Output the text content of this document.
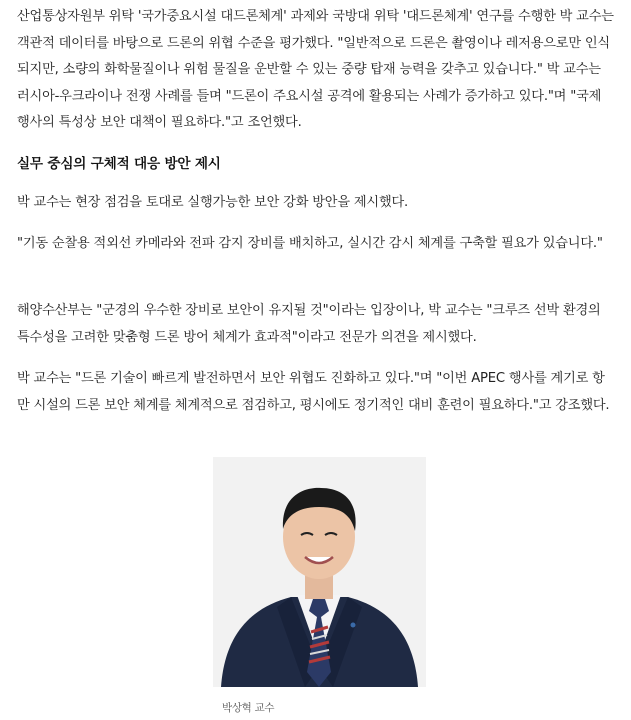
산업통상자원부 위탁 '국가중요시설 대드론체계' 과제와 국방대 위탁 '대드론체계' 연구를 수행한 박 교수는 객관적 데이터를 바탕으로 드론의 위협 수준을 평가했다. "일반적으로 드론은 촬영이나 레저용으로만 인식되지만, 소량의 화학물질이나 위험 물질을 운반할 수 있는 중량 탑재 능력을 갖추고 있습니다." 박 교수는 러시아-우크라이나 전쟁 사례를 들며 "드론이 주요시설 공격에 활용되는 사례가 증가하고 있다."며 "국제 행사의 특성상 보안 대책이 필요하다."고 조언했다.

실무 중심의 구체적 대응 방안 제시

박 교수는 현장 점검을 토대로 실행가능한 보안 강화 방안을 제시했다.

"기동 순찰용 적외선 카메라와 전파 감지 장비를 배치하고, 실시간 감시 체계를 구축할 필요가 있습니다."

해양수산부는 "군경의 우수한 장비로 보안이 유지될 것"이라는 입장이나, 박 교수는 "크루즈 선박 환경의 특수성을 고려한 맞춤형 드론 방어 체계가 효과적"이라고 전문가 의견을 제시했다.

박 교수는 "드론 기술이 빠르게 발전하면서 보안 위협도 진화하고 있다."며 "이번 APEC 행사를 계기로 항만 시설의 드론 보안 체계를 체계적으로 점검하고, 평시에도 정기적인 대비 훈련이 필요하다."고 강조했다.

박상혁 교수
